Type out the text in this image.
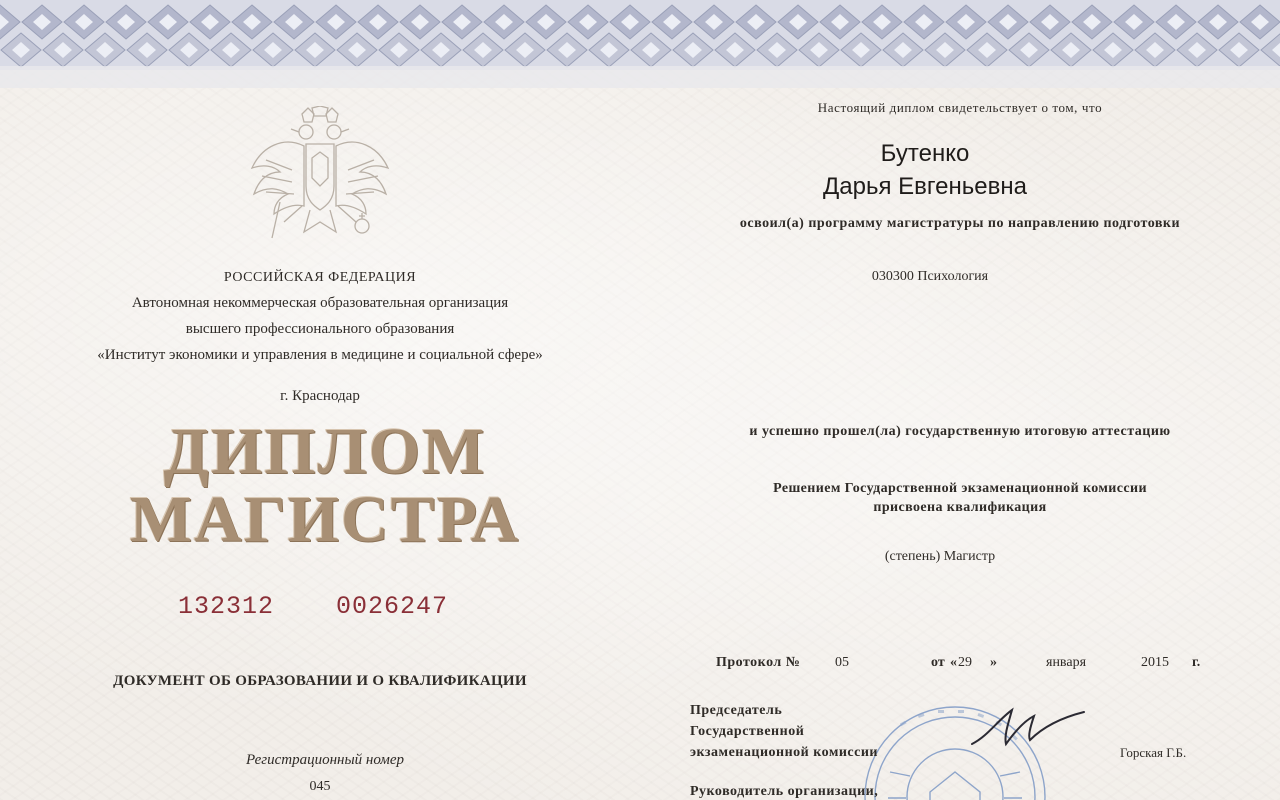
РОССИЙСКАЯ ФЕДЕРАЦИЯ
Автономная некоммерческая образовательная организация
высшего профессионального образования
«Институт экономики и управления в медицине и социальной сфере»
г. Краснодар
ДИПЛОМ
МАГИСТРА
132312 0026247
ДОКУМЕНТ ОБ ОБРАЗОВАНИИ И О КВАЛИФИКАЦИИ
Регистрационный номер
045
Настоящий диплом свидетельствует о том, что
Бутенко
Дарья Евгеньевна
освоил(а) программу магистратуры по направлению подготовки
030300 Психология
и успешно прошел(ла) государственную итоговую аттестацию
Решением Государственной экзаменационной комиссии
присвоена квалификация
(степень) Магистр
Протокол № 05	от « 29 »	января	2015 г.
Председатель
Государственной
экзаменационной комиссии	Горская Г.Б.
Руководитель организации,
